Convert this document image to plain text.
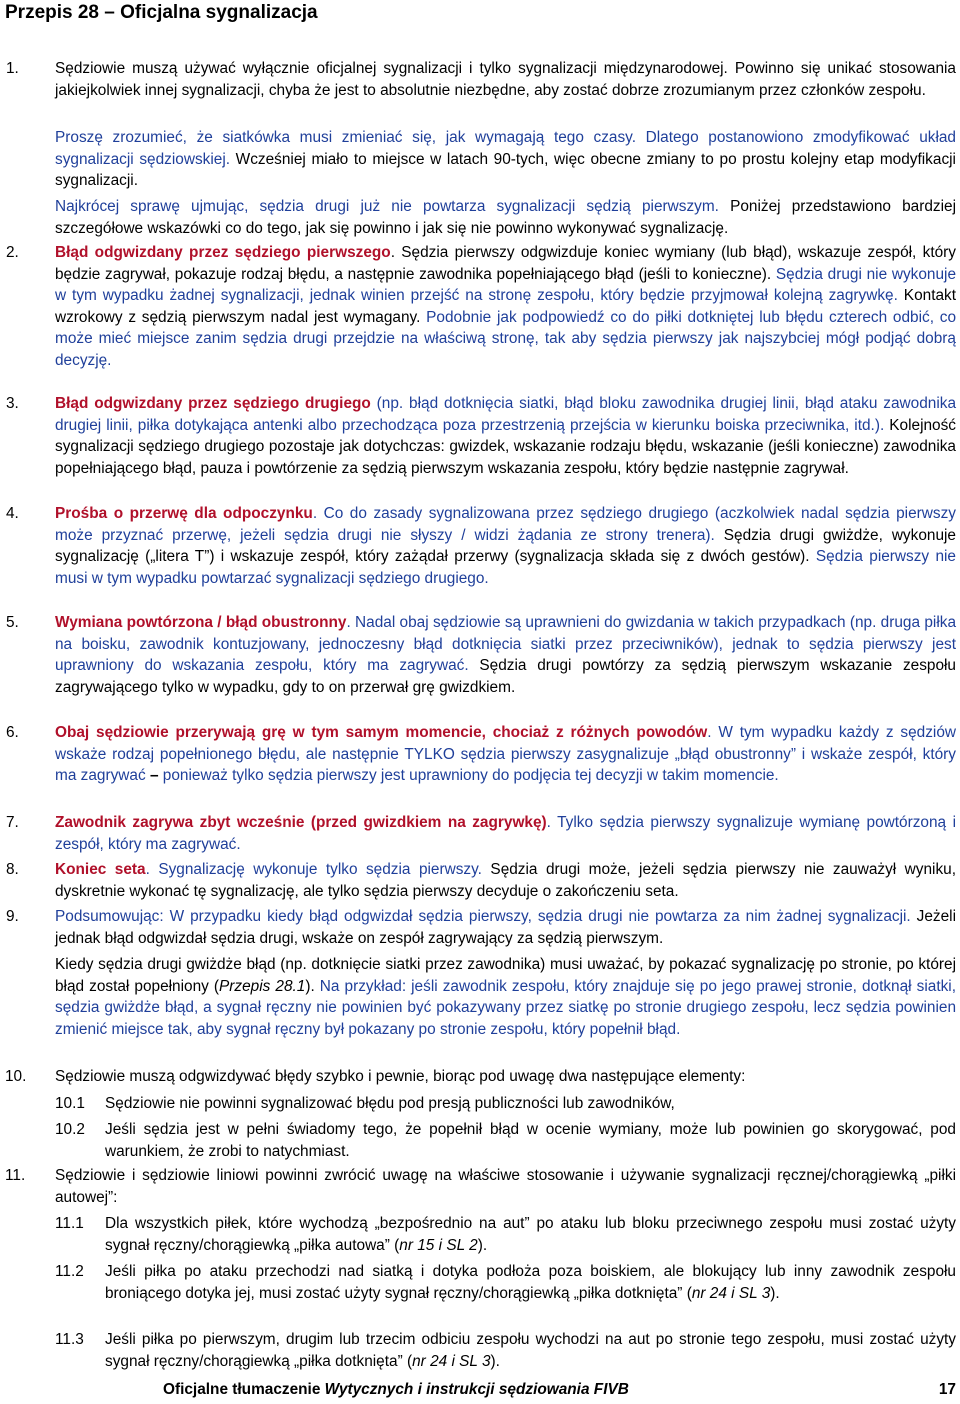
Przepis 28 – Oficjalna sygnalizacja
1. Sędziowie muszą używać wyłącznie oficjalnej sygnalizacji i tylko sygnalizacji międzynarodowej. Powinno się unikać stosowania jakiejkolwiek innej sygnalizacji, chyba że jest to absolutnie niezbędne, aby zostać dobrze zrozumianym przez członków zespołu.
Proszę zrozumieć, że siatkówka musi zmieniać się, jak wymagają tego czasy. Dlatego postanowiono zmodyfikować układ sygnalizacji sędziowskiej. Wcześniej miało to miejsce w latach 90-tych, więc obecne zmiany to po prostu kolejny etap modyfikacji sygnalizacji.
Najkrócej sprawę ujmując, sędzia drugi już nie powtarza sygnalizacji sędzią pierwszym. Poniżej przedstawiono bardziej szczegółowe wskazówki co do tego, jak się powinno i jak się nie powinno wykonywać sygnalizację.
2. Błąd odgwizdany przez sędziego pierwszego. Sędzia pierwszy odgwizduje koniec wymiany (lub błąd), wskazuje zespół, który będzie zagrywał, pokazuje rodzaj błędu, a następnie zawodnika popełniającego błąd (jeśli to konieczne). Sędzia drugi nie wykonuje w tym wypadku żadnej sygnalizacji, jednak winien przejść na stronę zespołu, który będzie przyjmował kolejną zagrywkę. Kontakt wzrokowy z sędzią pierwszym nadal jest wymagany. Podobnie jak podpowiedź co do piłki dotkniętej lub błędu czterech odbić, co może mieć miejsce zanim sędzia drugi przejdzie na właściwą stronę, tak aby sędzia pierwszy jak najszybciej mógł podjąć dobrą decyzję.
3. Błąd odgwizdany przez sędziego drugiego (np. błąd dotknięcia siatki, błąd bloku zawodnika drugiej linii, błąd ataku zawodnika drugiej linii, piłka dotykająca antenki albo przechodząca poza przestrzenią przejścia w kierunku boiska przeciwnika, itd.). Kolejność sygnalizacji sędziego drugiego pozostaje jak dotychczas: gwizdek, wskazanie rodzaju błędu, wskazanie (jeśli konieczne) zawodnika popełniającego błąd, pauza i powtórzenie za sędzią pierwszym wskazania zespołu, który będzie następnie zagrywał.
4. Prośba o przerwę dla odpoczynku. Co do zasady sygnalizowana przez sędziego drugiego (aczkolwiek nadal sędzia pierwszy może przyznać przerwę, jeżeli sędzia drugi nie słyszy / widzi żądania ze strony trenera). Sędzia drugi gwiżdże, wykonuje sygnalizację („litera T”) i wskazuje zespół, który zażądał przerwy (sygnalizacja składa się z dwóch gestów). Sędzia pierwszy nie musi w tym wypadku powtarzać sygnalizacji sędziego drugiego.
5. Wymiana powtórzona / błąd obustronny. Nadal obaj sędziowie są uprawnieni do gwizdania w takich przypadkach (np. druga piłka na boisku, zawodnik kontuzjowany, jednoczesny błąd dotknięcia siatki przez przeciwników), jednak to sędzia pierwszy jest uprawniony do wskazania zespołu, który ma zagrywać. Sędzia drugi powtórzy za sędzią pierwszym wskazanie zespołu zagrywającego tylko w wypadku, gdy to on przerwał grę gwizdkiem.
6. Obaj sędziowie przerywają grę w tym samym momencie, chociaż z różnych powodów. W tym wypadku każdy z sędziów wskaże rodzaj popełnionego błędu, ale następnie TYLKO sędzia pierwszy zasygnalizuje „błąd obustronny” i wskaże zespół, który ma zagrywać – ponieważ tylko sędzia pierwszy jest uprawniony do podjęcia tej decyzji w takim momencie.
7. Zawodnik zagrywa zbyt wcześnie (przed gwizdkiem na zagrywkę). Tylko sędzia pierwszy sygnalizuje wymianę powtórzoną i zespół, który ma zagrywać.
8. Koniec seta. Sygnalizację wykonuje tylko sędzia pierwszy. Sędzia drugi może, jeżeli sędzia pierwszy nie zauważył wyniku, dyskretnie wykonać tę sygnalizację, ale tylko sędzia pierwszy decyduje o zakończeniu seta.
9. Podsumowując: W przypadku kiedy błąd odgwizdał sędzia pierwszy, sędzia drugi nie powtarza za nim żadnej sygnalizacji. Jeżeli jednak błąd odgwizdał sędzia drugi, wskaże on zespół zagrywający za sędzią pierwszym.
Kiedy sędzia drugi gwiżdże błąd (np. dotknięcie siatki przez zawodnika) musi uważać, by pokazać sygnalizację po stronie, po której błąd został popełniony (Przepis 28.1). Na przykład: jeśli zawodnik zespołu, który znajduje się po jego prawej stronie, dotknął siatki, sędzia gwiżdże błąd, a sygnał ręczny nie powinien być pokazywany przez siatkę po stronie drugiego zespołu, lecz sędzia powinien zmienić miejsce tak, aby sygnał ręczny był pokazany po stronie zespołu, który popełnił błąd.
10. Sędziowie muszą odgwizdywać błędy szybko i pewnie, biorąc pod uwagę dwa następujące elementy:
10.1 Sędziowie nie powinni sygnalizować błędu pod presją publiczności lub zawodników,
10.2 Jeśli sędzia jest w pełni świadomy tego, że popełnił błąd w ocenie wymiany, może lub powinien go skorygować, pod warunkiem, że zrobi to natychmiast.
11. Sędziowie i sędziowie liniowi powinni zwrócić uwagę na właściwe stosowanie i używanie sygnalizacji ręcznej/chorągiewką „piłki autowej”:
11.1 Dla wszystkich piłek, które wychodzą „bezpośrednio na aut” po ataku lub bloku przeciwnego zespołu musi zostać użyty sygnał ręczny/chorągiewką „piłka autowa” (nr 15 i SL 2).
11.2 Jeśli piłka po ataku przechodzi nad siatką i dotyka podłoża poza boiskiem, ale blokujący lub inny zawodnik zespołu broniącego dotyka jej, musi zostać użyty sygnał ręczny/chorągiewką „piłka dotknięta” (nr 24 i SL 3).
11.3 Jeśli piłka po pierwszym, drugim lub trzecim odbiciu zespołu wychodzi na aut po stronie tego zespołu, musi zostać użyty sygnał ręczny/chorągiewką „piłka dotknięta” (nr 24 i SL 3).
Oficjalne tłumaczenie Wytycznych i instrukcji sędziowania FIVB	17
